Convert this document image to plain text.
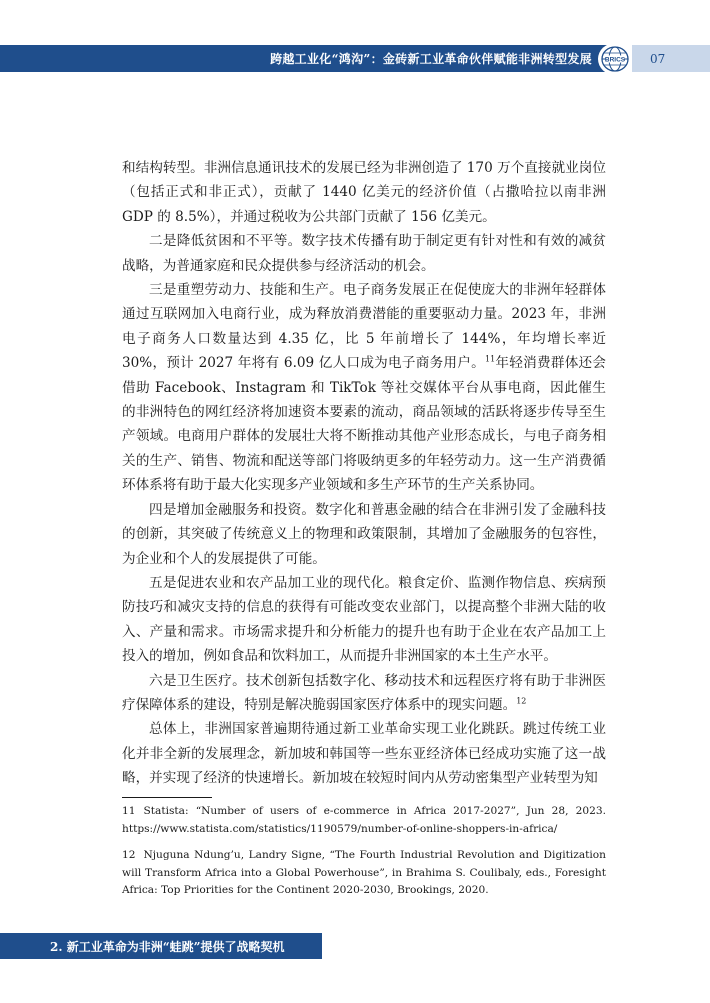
跨越工业化“鸿沟”：金砖新工业革命伙伴赋能非洲转型发展 BRICS 07

和结构转型。非洲信息通讯技术的发展已经为非洲创造了 170 万个直接就业岗位（包括正式和非正式），贡献了 1440 亿美元的经济价值（占撒哈拉以南非洲 GDP 的 8.5%），并通过税收为公共部门贡献了 156 亿美元。

二是降低贫困和不平等。数字技术传播有助于制定更有针对性和有效的减贫战略，为普通家庭和民众提供参与经济活动的机会。

三是重塑劳动力、技能和生产。电子商务发展正在促使庞大的非洲年轻群体通过互联网加入电商行业，成为释放消费潜能的重要驱动力量。2023 年，非洲电子商务人口数量达到 4.35 亿，比 5 年前增长了 144%，年均增长率近 30%，预计 2027 年将有 6.09 亿人口成为电子商务用户。$^{11}$年轻消费群体还会借助 Facebook、Instagram 和 TikTok 等社交媒体平台从事电商，因此催生的非洲特色的网红经济将加速资本要素的流动，商品领域的活跃将逐步传导至生产领域。电商用户群体的发展壮大将不断推动其他产业形态成长，与电子商务相关的生产、销售、物流和配送等部门将吸纳更多的年轻劳动力。这一生产消费循环体系将有助于最大化实现多产业领域和多生产环节的生产关系协同。

四是增加金融服务和投资。数字化和普惠金融的结合在非洲引发了金融科技的创新，其突破了传统意义上的物理和政策限制，其增加了金融服务的包容性，为企业和个人的发展提供了可能。

五是促进农业和农产品加工业的现代化。粮食定价、监测作物信息、疾病预防技巧和减灾支持的信息的获得有可能改变农业部门，以提高整个非洲大陆的收入、产量和需求。市场需求提升和分析能力的提升也有助于企业在农产品加工上投入的增加，例如食品和饮料加工，从而提升非洲国家的本土生产水平。

六是卫生医疗。技术创新包括数字化、移动技术和远程医疗将有助于非洲医疗保障体系的建设，特别是解决脆弱国家医疗体系中的现实问题。$^{12}$

总体上，非洲国家普遍期待通过新工业革命实现工业化跳跃。跳过传统工业化并非全新的发展理念，新加坡和韩国等一些东亚经济体已经成功实施了这一战略，并实现了经济的快速增长。新加坡在较短时间内从劳动密集型产业转型为知

11 Statista: “Number of users of e-commerce in Africa 2017-2027”, Jun 28, 2023. https://www.statista.com/statistics/1190579/number-of-online-shoppers-in-africa/
12 Njuguna Ndung’u, Landry Signe, “The Fourth Industrial Revolution and Digitization will Transform Africa into a Global Powerhouse”, in Brahima S. Coulibaly, eds., Foresight Africa: Top Priorities for the Continent 2020-2030, Brookings, 2020.
2. 新工业革命为非洲“蛙跳”提供了战略契机
